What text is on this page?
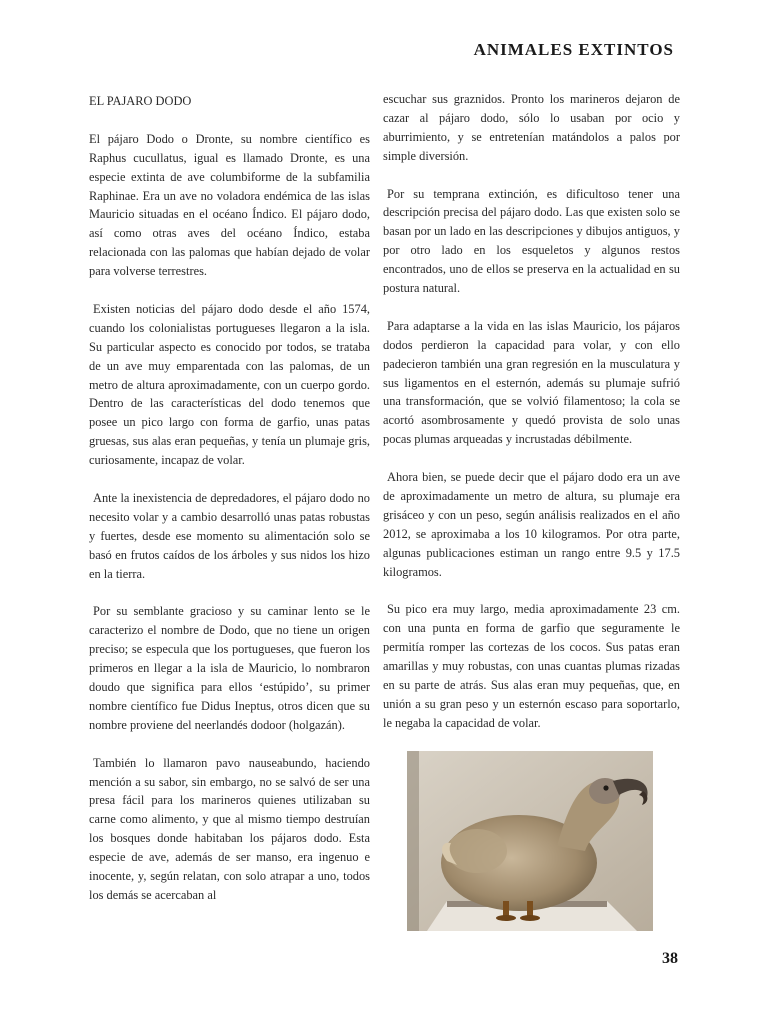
ANIMALES EXTINTOS

EL PAJARO DODO

El pájaro Dodo o Dronte, su nombre científico es Raphus cucullatus, igual es llamado Dronte, es una especie extinta de ave columbiforme de la subfamilia Raphinae. Era un ave no voladora endémica de las islas Mauricio situadas en el océano Índico. El pájaro dodo, así como otras aves del océano Índico, estaba relacionada con las palomas que habían dejado de volar para volverse terrestres.

Existen noticias del pájaro dodo desde el año 1574, cuando los colonialistas portugueses llegaron a la isla. Su particular aspecto es conocido por todos, se trataba de un ave muy emparentada con las palomas, de un metro de altura aproximadamente, con un cuerpo gordo. Dentro de las características del dodo tenemos que posee un pico largo con forma de garfio, unas patas gruesas, sus alas eran pequeñas, y tenía un plumaje gris, curiosamente, incapaz de volar.

Ante la inexistencia de depredadores, el pájaro dodo no necesito volar y a cambio desarrolló unas patas robustas y fuertes, desde ese momento su alimentación solo se basó en frutos caídos de los árboles y sus nidos los hizo en la tierra.

Por su semblante gracioso y su caminar lento se le caracterizo el nombre de Dodo, que no tiene un origen preciso; se especula que los portugueses, que fueron los primeros en llegar a la isla de Mauricio, lo nombraron doudo que significa para ellos ‘estúpido’, su primer nombre científico fue Didus Ineptus, otros dicen que su nombre proviene del neerlandés dodoor (holgazán).

También lo llamaron pavo nauseabundo, haciendo mención a su sabor, sin embargo, no se salvó de ser una presa fácil para los marineros quienes utilizaban su carne como alimento, y que al mismo tiempo destruían los bosques donde habitaban los pájaros dodo. Esta especie de ave, además de ser manso, era ingenuo e inocente, y, según relatan, con solo atrapar a uno, todos los demás se acercaban al

escuchar sus graznidos. Pronto los marineros dejaron de cazar al pájaro dodo, sólo lo usaban por ocio y aburrimiento, y se entretenían matándolos a palos por simple diversión.

Por su temprana extinción, es dificultoso tener una descripción precisa del pájaro dodo. Las que existen solo se basan por un lado en las descripciones y dibujos antiguos, y por otro lado en los esqueletos y algunos restos encontrados, uno de ellos se preserva en la actualidad en su postura natural.

Para adaptarse a la vida en las islas Mauricio, los pájaros dodos perdieron la capacidad para volar, y con ello padecieron también una gran regresión en la musculatura y sus ligamentos en el esternón, además su plumaje sufrió una transformación, que se volvió filamentoso; la cola se acortó asombrosamente y quedó provista de solo unas pocas plumas arqueadas y incrustadas débilmente.

Ahora bien, se puede decir que el pájaro dodo era un ave de aproximadamente un metro de altura, su plumaje era grisáceo y con un peso, según análisis realizados en el año 2012, se aproximaba a los 10 kilogramos. Por otra parte, algunas publicaciones estiman un rango entre 9.5 y 17.5 kilogramos.

Su pico era muy largo, media aproximadamente 23 cm. con una punta en forma de garfio que seguramente le permitía romper las cortezas de los cocos. Sus patas eran amarillas y muy robustas, con unas cuantas plumas rizadas en su parte de atrás. Sus alas eran muy pequeñas, que, en unión a su gran peso y un esternón escaso para soportarlo, le negaba la capacidad de volar.

38
